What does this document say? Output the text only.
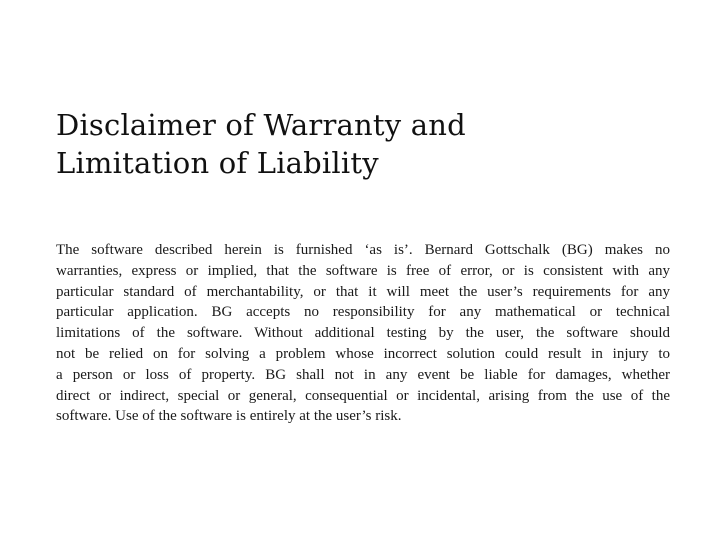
Disclaimer of Warranty and
Limitation of Liability
The software described herein is furnished ‘as is’. Bernard Gottschalk (BG) makes no
warranties, express or implied, that the software is free of error, or is consistent with any
particular standard of merchantability, or that it will meet the user’s requirements for any
particular application. BG accepts no responsibility for any mathematical or technical
limitations of the software. Without additional testing by the user, the software should
not be relied on for solving a problem whose incorrect solution could result in injury to
a person or loss of property. BG shall not in any event be liable for damages, whether
direct or indirect, special or general, consequential or incidental, arising from the use of the
software. Use of the software is entirely at the user’s risk.
